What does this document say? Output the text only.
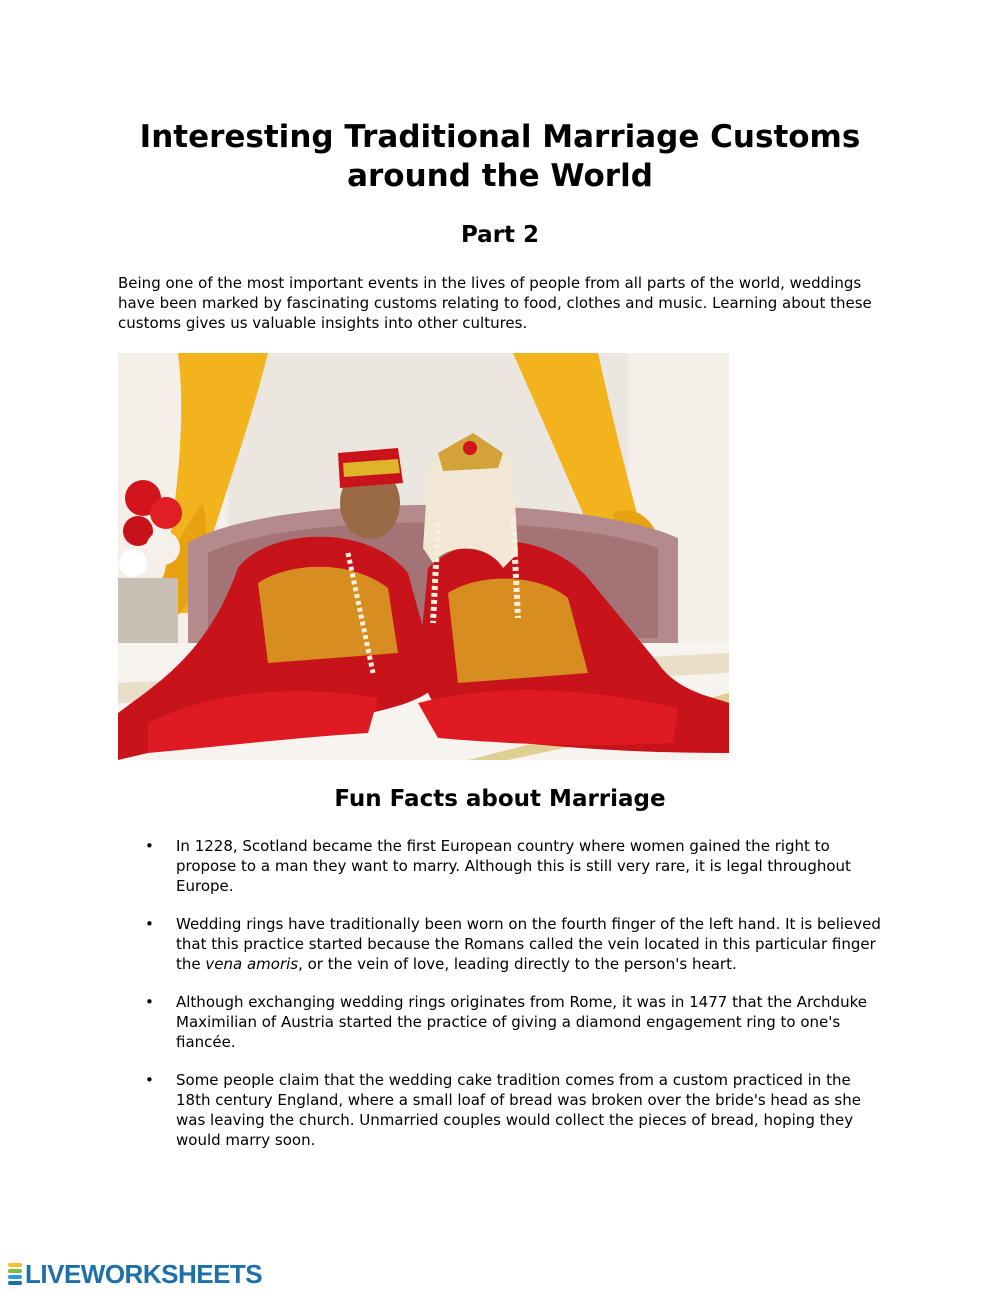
Interesting Traditional Marriage Customs around the World
Part 2

Being one of the most important events in the lives of people from all parts of the world, weddings have been marked by fascinating customs relating to food, clothes and music. Learning about these customs gives us valuable insights into other cultures.

Fun Facts about Marriage
• In 1228, Scotland became the first European country where women gained the right to propose to a man they want to marry. Although this is still very rare, it is legal throughout Europe.
• Wedding rings have traditionally been worn on the fourth finger of the left hand. It is believed that this practice started because the Romans called the vein located in this particular finger the vena amoris, or the vein of love, leading directly to the person's heart.
• Although exchanging wedding rings originates from Rome, it was in 1477 that the Archduke Maximilian of Austria started the practice of giving a diamond engagement ring to one's fiancée.
• Some people claim that the wedding cake tradition comes from a custom practiced in the 18th century England, where a small loaf of bread was broken over the bride's head as she was leaving the church. Unmarried couples would collect the pieces of bread, hoping they would marry soon.
LIVEWORKSHEETS
